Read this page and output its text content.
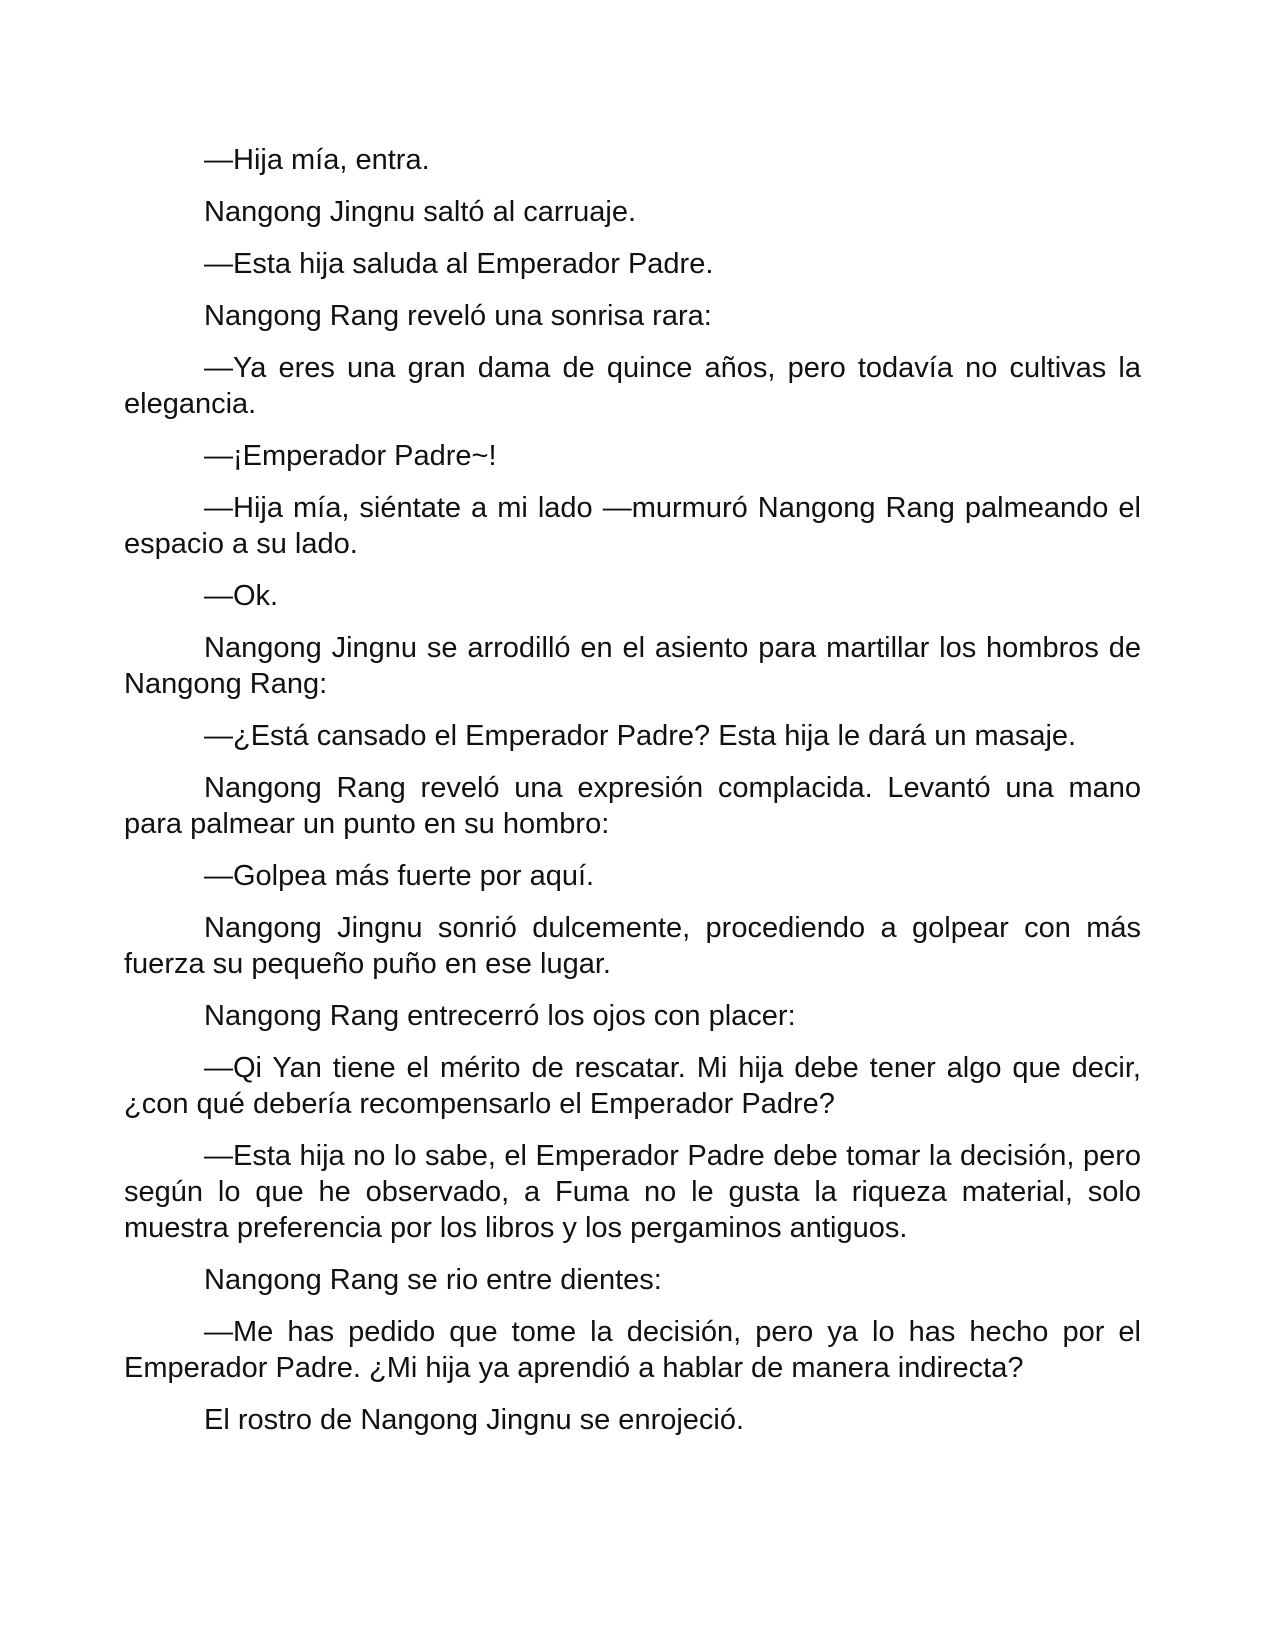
—Hija mía, entra.

Nangong Jingnu saltó al carruaje.

—Esta hija saluda al Emperador Padre.

Nangong Rang reveló una sonrisa rara:

—Ya eres una gran dama de quince años, pero todavía no cultivas la elegancia.

—¡Emperador Padre~!

—Hija mía, siéntate a mi lado —murmuró Nangong Rang palmeando el espacio a su lado.

—Ok.

Nangong Jingnu se arrodilló en el asiento para martillar los hombros de Nangong Rang:

—¿Está cansado el Emperador Padre? Esta hija le dará un masaje.

Nangong Rang reveló una expresión complacida. Levantó una mano para palmear un punto en su hombro:

—Golpea más fuerte por aquí.

Nangong Jingnu sonrió dulcemente, procediendo a golpear con más fuerza su pequeño puño en ese lugar.

Nangong Rang entrecerró los ojos con placer:

—Qi Yan tiene el mérito de rescatar. Mi hija debe tener algo que decir, ¿con qué debería recompensarlo el Emperador Padre?

—Esta hija no lo sabe, el Emperador Padre debe tomar la decisión, pero según lo que he observado, a Fuma no le gusta la riqueza material, solo muestra preferencia por los libros y los pergaminos antiguos.

Nangong Rang se rio entre dientes:

—Me has pedido que tome la decisión, pero ya lo has hecho por el Emperador Padre. ¿Mi hija ya aprendió a hablar de manera indirecta?

El rostro de Nangong Jingnu se enrojeció.
